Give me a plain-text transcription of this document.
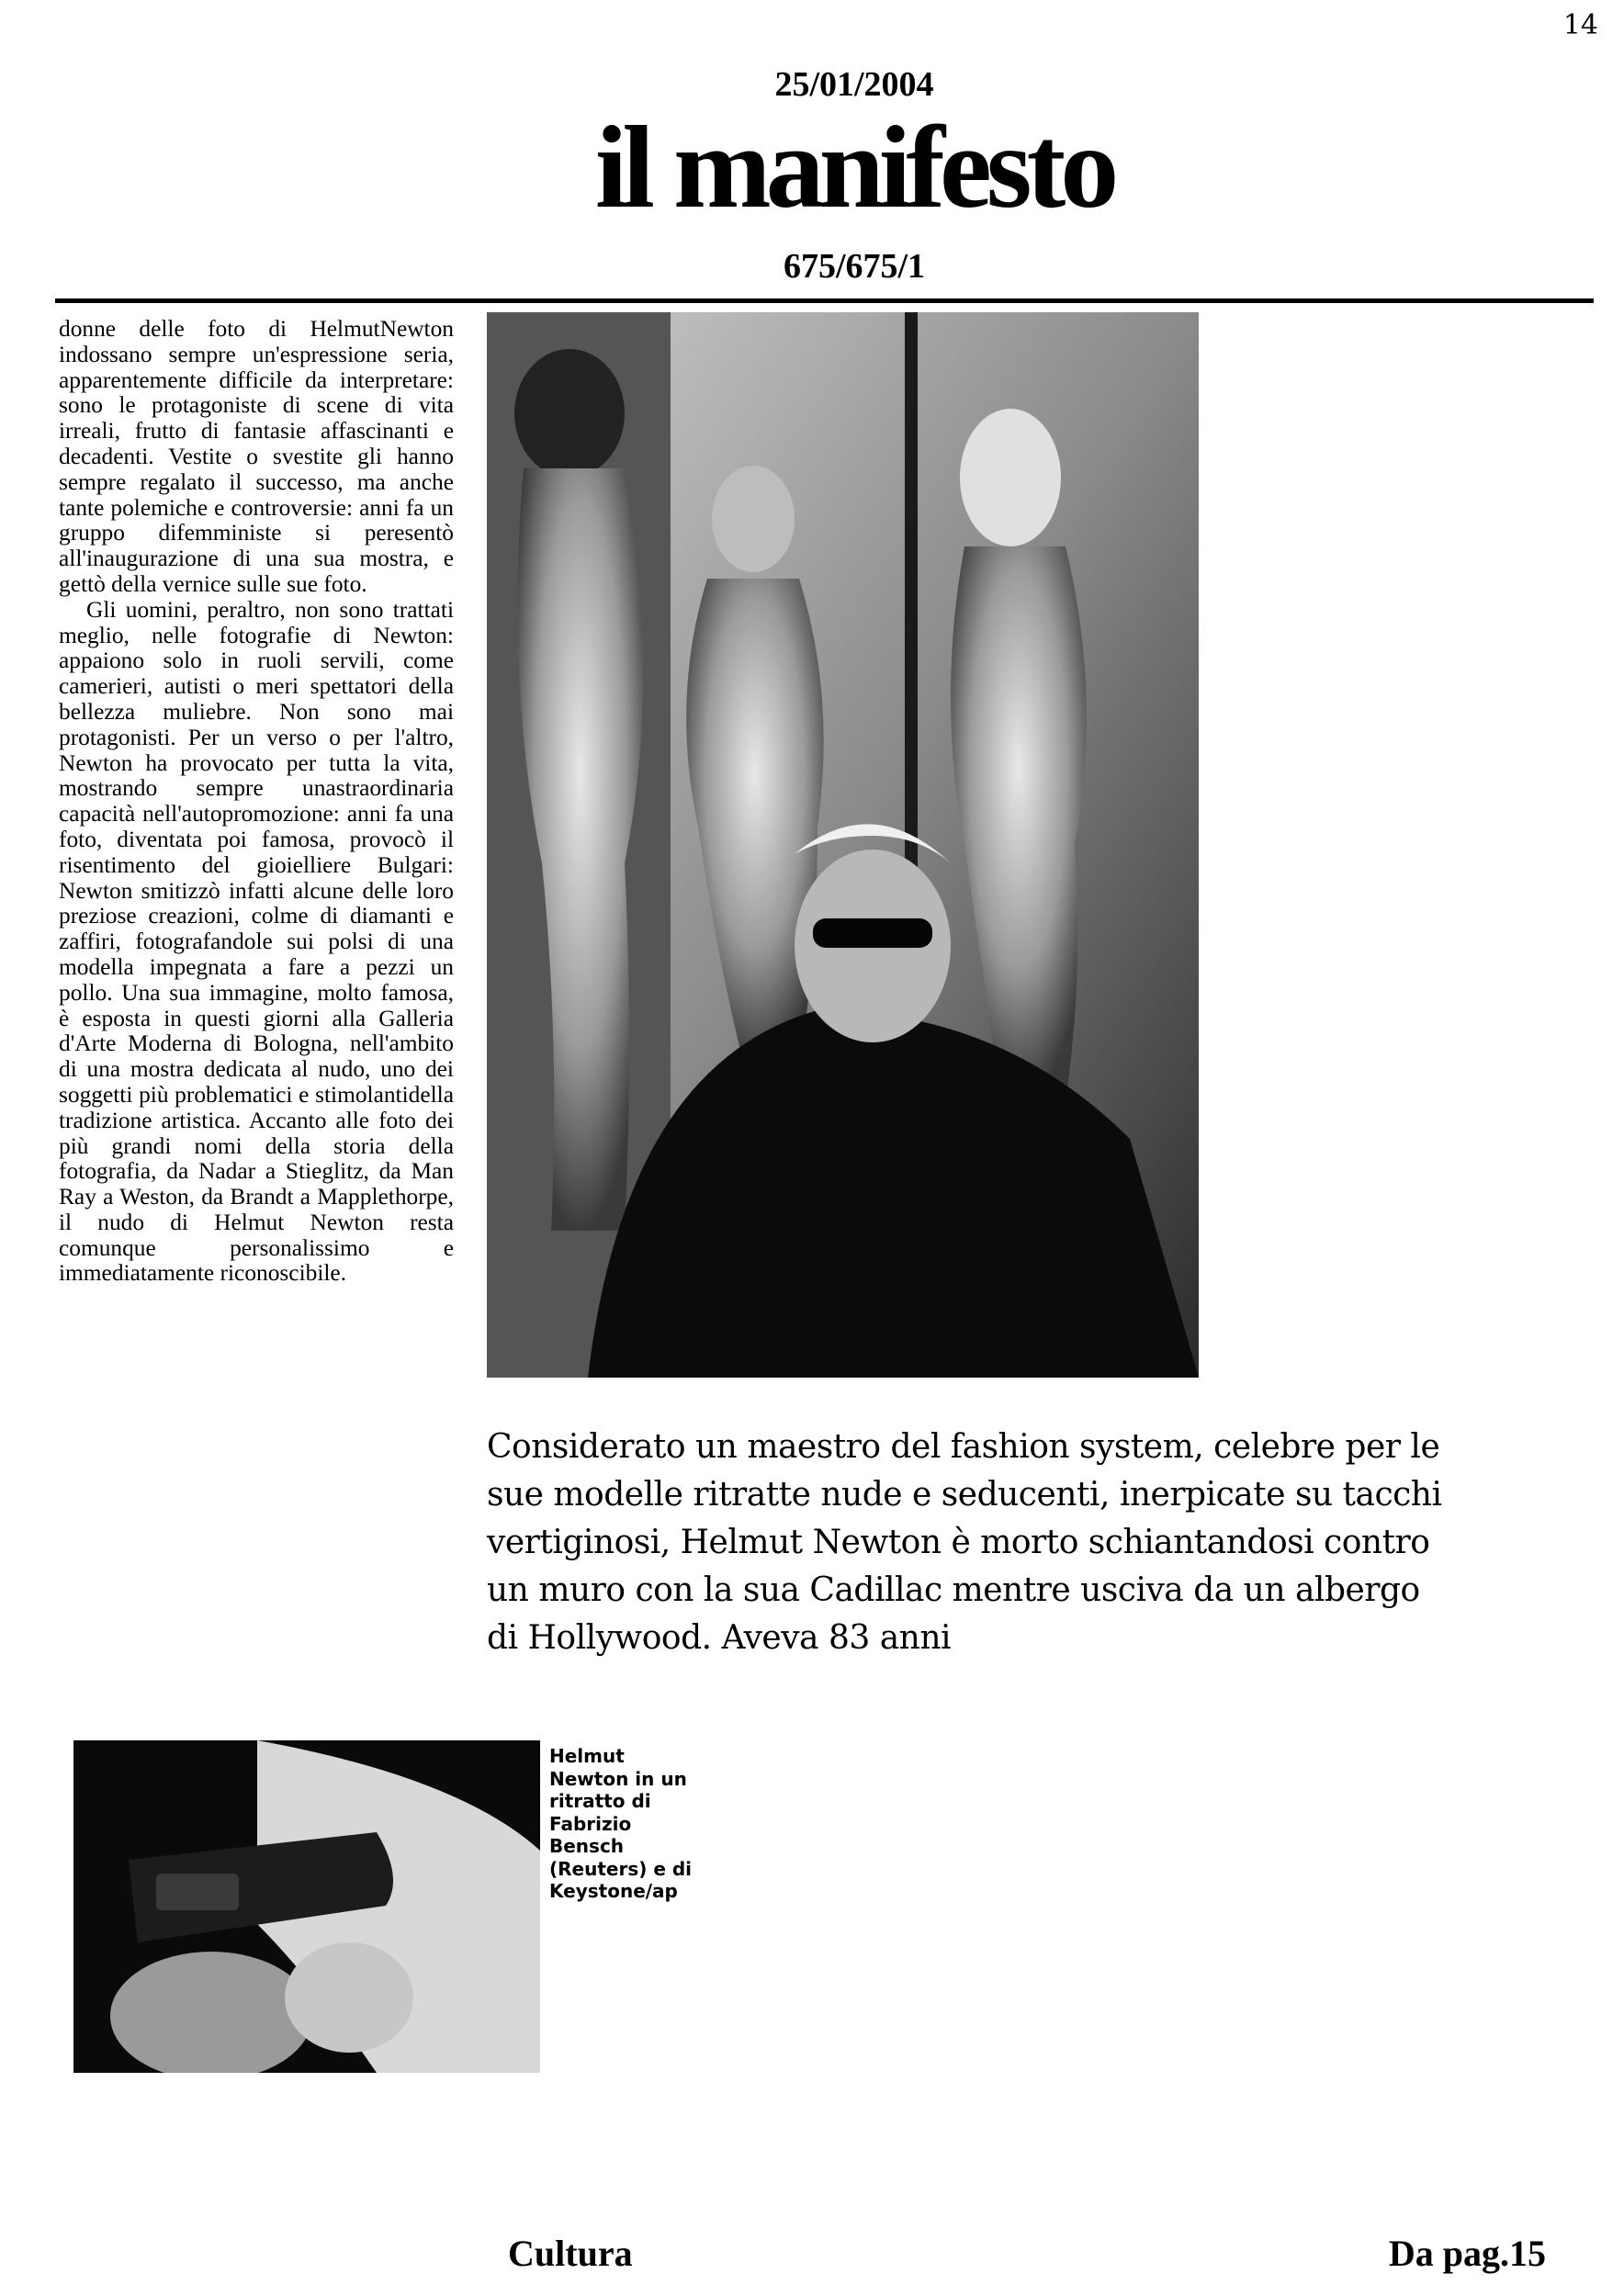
14
25/01/2004
il manifesto
675/675/1

donne delle foto di HelmutNewton indossano sempre un'espressione seria, apparentemente difficile da interpretare: sono le protagoniste di scene di vita irreali, frutto di fantasie affascinanti e decadenti. Vestite o svestite gli hanno sempre regalato il successo, ma anche tante polemiche e controversie: anni fa un gruppo difemministe si peresentò all'inaugurazione di una sua mostra, e gettò della vernice sulle sue foto.

Gli uomini, peraltro, non sono trattati meglio, nelle fotografie di Newton: appaiono solo in ruoli servili, come camerieri, autisti o meri spettatori della bellezza muliebre. Non sono mai protagonisti. Per un verso o per l'altro, Newton ha provocato per tutta la vita, mostrando sempre unastraordinaria capacità nell'autopromozione: anni fa una foto, diventata poi famosa, provocò il risentimento del gioielliere Bulgari: Newton smitizzò infatti alcune delle loro preziose creazioni, colme di diamanti e zaffiri, fotografandole sui polsi di una modella impegnata a fare a pezzi un pollo. Una sua immagine, molto famosa, è esposta in questi giorni alla Galleria d'Arte Moderna di Bologna, nell'ambito di una mostra dedicata al nudo, uno dei soggetti più problematici e stimolantidella tradizione artistica. Accanto alle foto dei più grandi nomi della storia della fotografia, da Nadar a Stieglitz, da Man Ray a Weston, da Brandt a Mapplethorpe, il nudo di Helmut Newton resta comunque personalissimo e immediatamente riconoscibile.

Considerato un maestro del fashion system, celebre per le sue modelle ritratte nude e seducenti, inerpicate su tacchi vertiginosi, Helmut Newton è morto schiantandosi contro un muro con la sua Cadillac mentre usciva da un albergo di Hollywood. Aveva 83 anni
Helmut Newton in un ritratto di Fabrizio Bensch (Reuters) e di Keystone/ap
Cultura	Da pag.15
